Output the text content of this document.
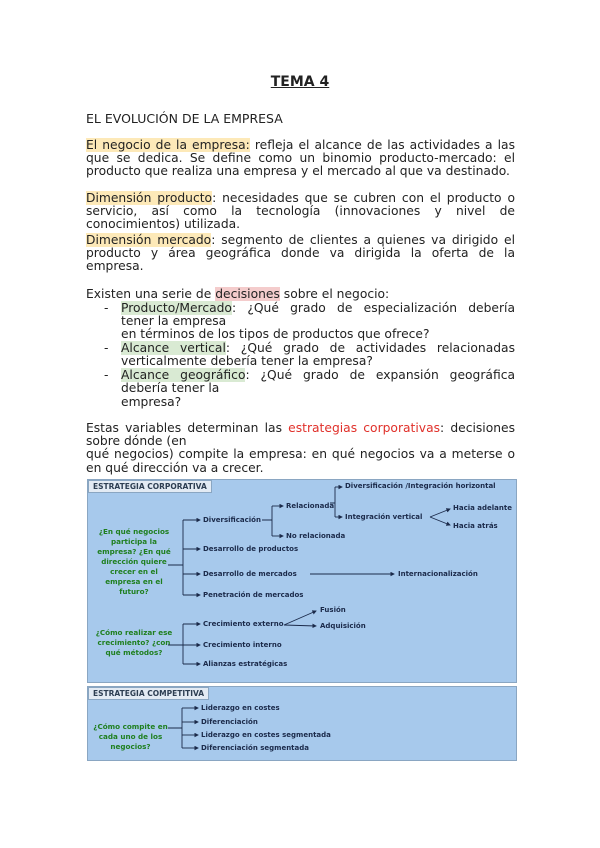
TEMA 4
EL EVOLUCIÓN DE LA EMPRESA
El negocio de la empresa: refleja el alcance de las actividades a las que se dedica. Se define como un binomio producto-mercado: el producto que realiza una empresa y el mercado al que va destinado.
Dimensión producto: necesidades que se cubren con el producto o servicio, así como la tecnología (innovaciones y nivel de conocimientos) utilizada.
Dimensión mercado: segmento de clientes a quienes va dirigido el producto y área geográfica donde va dirigida la oferta de la empresa.
Existen una serie de decisiones sobre el negocio:
- Producto/Mercado: ¿Qué grado de especialización debería tener la empresa
en términos de los tipos de productos que ofrece?
- Alcance vertical: ¿Qué grado de actividades relacionadas verticalmente debería tener la empresa?
- Alcance geográfico: ¿Qué grado de expansión geográfica debería tener la
empresa?
Estas variables determinan las estrategias corporativas: decisiones sobre dónde (en
qué negocios) compite la empresa: en qué negocios va a meterse o en qué dirección va a crecer.
ESTRATEGIA CORPORATIVA
¿En qué negocios participa la empresa? ¿En qué dirección quiere crecer en el empresa en el futuro?
¿Cómo realizar ese crecimiento? ¿con qué métodos?
Diversificación
Relacionada
No relacionada
Diversificación /Integración horizontal
Integración vertical
Hacia adelante
Hacia atrás
Desarrollo de productos
Desarrollo de mercados	Internacionalización
Penetración de mercados
Crecimiento externo
Fusión
Adquisición
Crecimiento interno
Alianzas estratégicas
ESTRATEGIA COMPETITIVA
¿Cómo compite en cada uno de los negocios?
Liderazgo en costes
Diferenciación
Liderazgo en costes segmentada
Diferenciación segmentada
